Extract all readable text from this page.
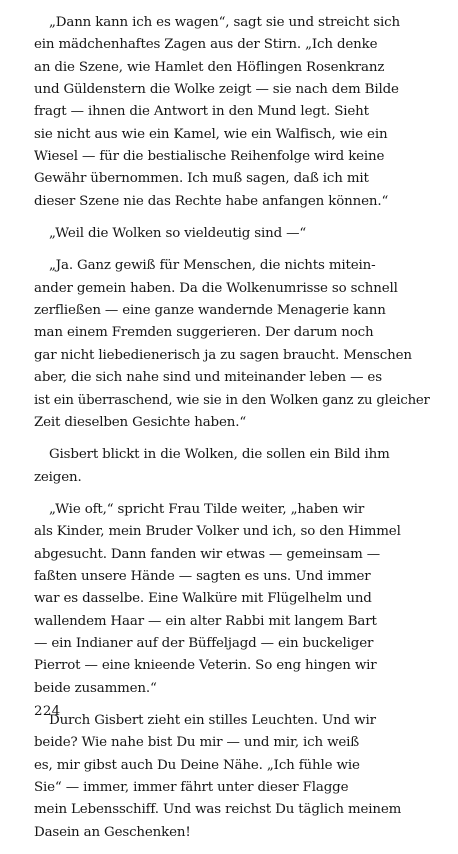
„Dann kann ich es wagen“, sagt sie und streicht sich
ein mädchenhaftes Zagen aus der Stirn. „Ich denke
an die Szene, wie Hamlet den Höflingen Rosenkranz
und Güldenstern die Wolke zeigt — sie nach dem Bilde
fragt — ihnen die Antwort in den Mund legt. Sieht
sie nicht aus wie ein Kamel, wie ein Walfisch, wie ein
Wiesel — für die bestialische Reihenfolge wird keine
Gewähr übernommen. Ich muß sagen, daß ich mit
dieser Szene nie das Rechte habe anfangen können.“

„Weil die Wolken so vieldeutig sind —“

„Ja. Ganz gewiß für Menschen, die nichts mitein-
ander gemein haben. Da die Wolkenumrisse so schnell
zerfließen — eine ganze wandernde Menagerie kann
man einem Fremden suggerieren. Der darum noch
gar nicht liebedienerisch ja zu sagen braucht. Menschen
aber, die sich nahe sind und miteinander leben — es
ist ein überraschend, wie sie in den Wolken ganz zu gleicher
Zeit dieselben Gesichte haben.“

Gisbert blickt in die Wolken, die sollen ein Bild ihm
zeigen.

„Wie oft,“ spricht Frau Tilde weiter, „haben wir
als Kinder, mein Bruder Volker und ich, so den Himmel
abgesucht. Dann fanden wir etwas — gemeinsam —
faßten unsere Hände — sagten es uns. Und immer
war es dasselbe. Eine Walküre mit Flügelhelm und
wallendem Haar — ein alter Rabbi mit langem Bart
— ein Indianer auf der Büffeljagd — ein buckeliger
Pierrot — eine knieende Veterin. So eng hingen wir
beide zusammen.“

Durch Gisbert zieht ein stilles Leuchten. Und wir
beide? Wie nahe bist Du mir — und mir, ich weiß
es, mir gibst auch Du Deine Nähe. „Ich fühle wie
Sie“ — immer, immer fährt unter dieser Flagge
mein Lebensschiff. Und was reichst Du täglich meinem
Dasein an Geschenken!

224
